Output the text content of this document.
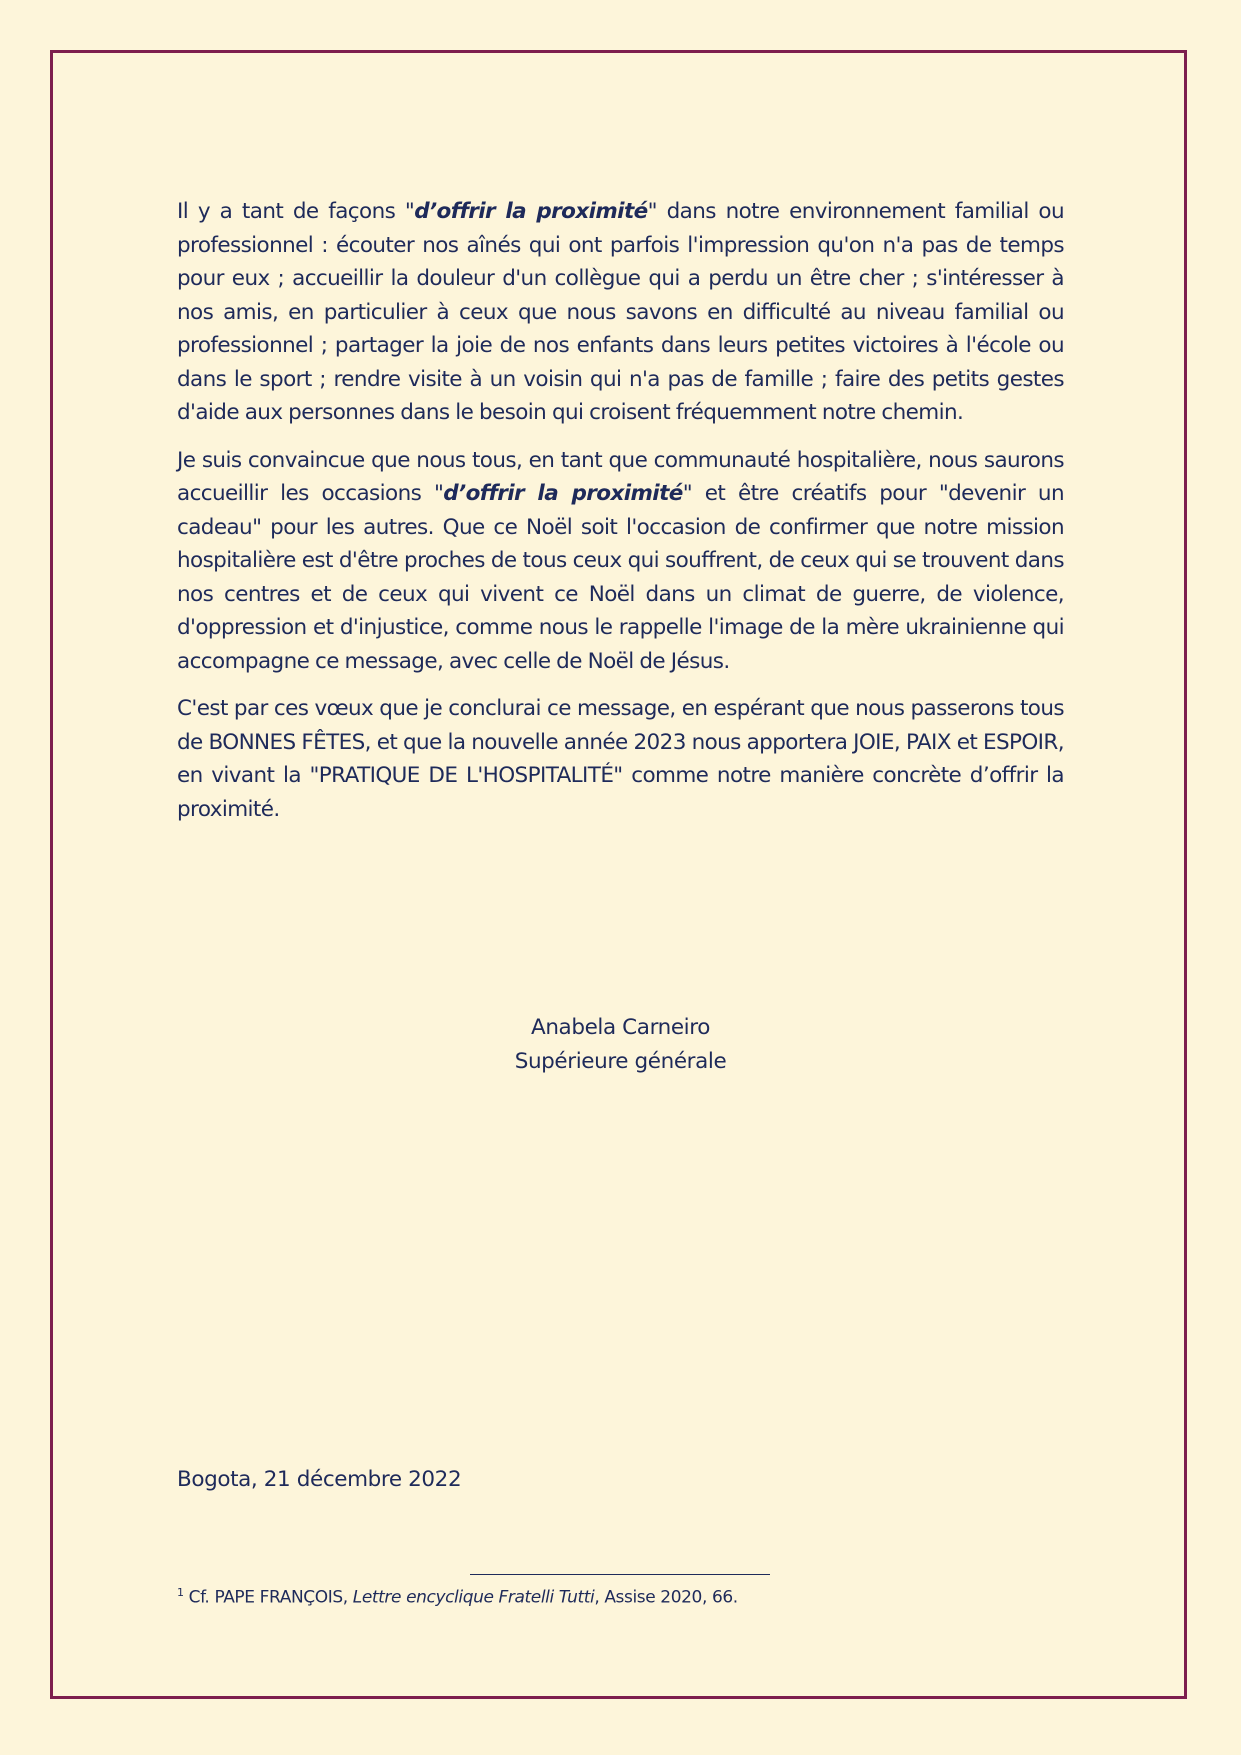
Il y a tant de façons "d’offrir la proximité" dans notre environnement familial ou professionnel : écouter nos aînés qui ont parfois l'impression qu'on n'a pas de temps pour eux ; accueillir la douleur d'un collègue qui a perdu un être cher ; s'intéresser à nos amis, en particulier à ceux que nous savons en difficulté au niveau familial ou professionnel ; partager la joie de nos enfants dans leurs petites victoires à l'école ou dans le sport ; rendre visite à un voisin qui n'a pas de famille ; faire des petits gestes d'aide aux personnes dans le besoin qui croisent fréquemment notre chemin.

Je suis convaincue que nous tous, en tant que communauté hospitalière, nous saurons accueillir les occasions "d’offrir la proximité" et être créatifs pour "devenir un cadeau" pour les autres. Que ce Noël soit l'occasion de confirmer que notre mission hospitalière est d'être proches de tous ceux qui souffrent, de ceux qui se trouvent dans nos centres et de ceux qui vivent ce Noël dans un climat de guerre, de violence, d'oppression et d'injustice, comme nous le rappelle l'image de la mère ukrainienne qui accompagne ce message, avec celle de Noël de Jésus.

C'est par ces vœux que je conclurai ce message, en espérant que nous passerons tous de BONNES FÊTES, et que la nouvelle année 2023 nous apportera JOIE, PAIX et ESPOIR, en vivant la "PRATIQUE DE L'HOSPITALITÉ" comme notre manière concrète d’offrir la proximité.

Anabela Carneiro
Supérieure générale
Bogota, 21 décembre 2022
$^1$ Cf. PAPE FRANÇOIS, Lettre encyclique Fratelli Tutti, Assise 2020, 66.
